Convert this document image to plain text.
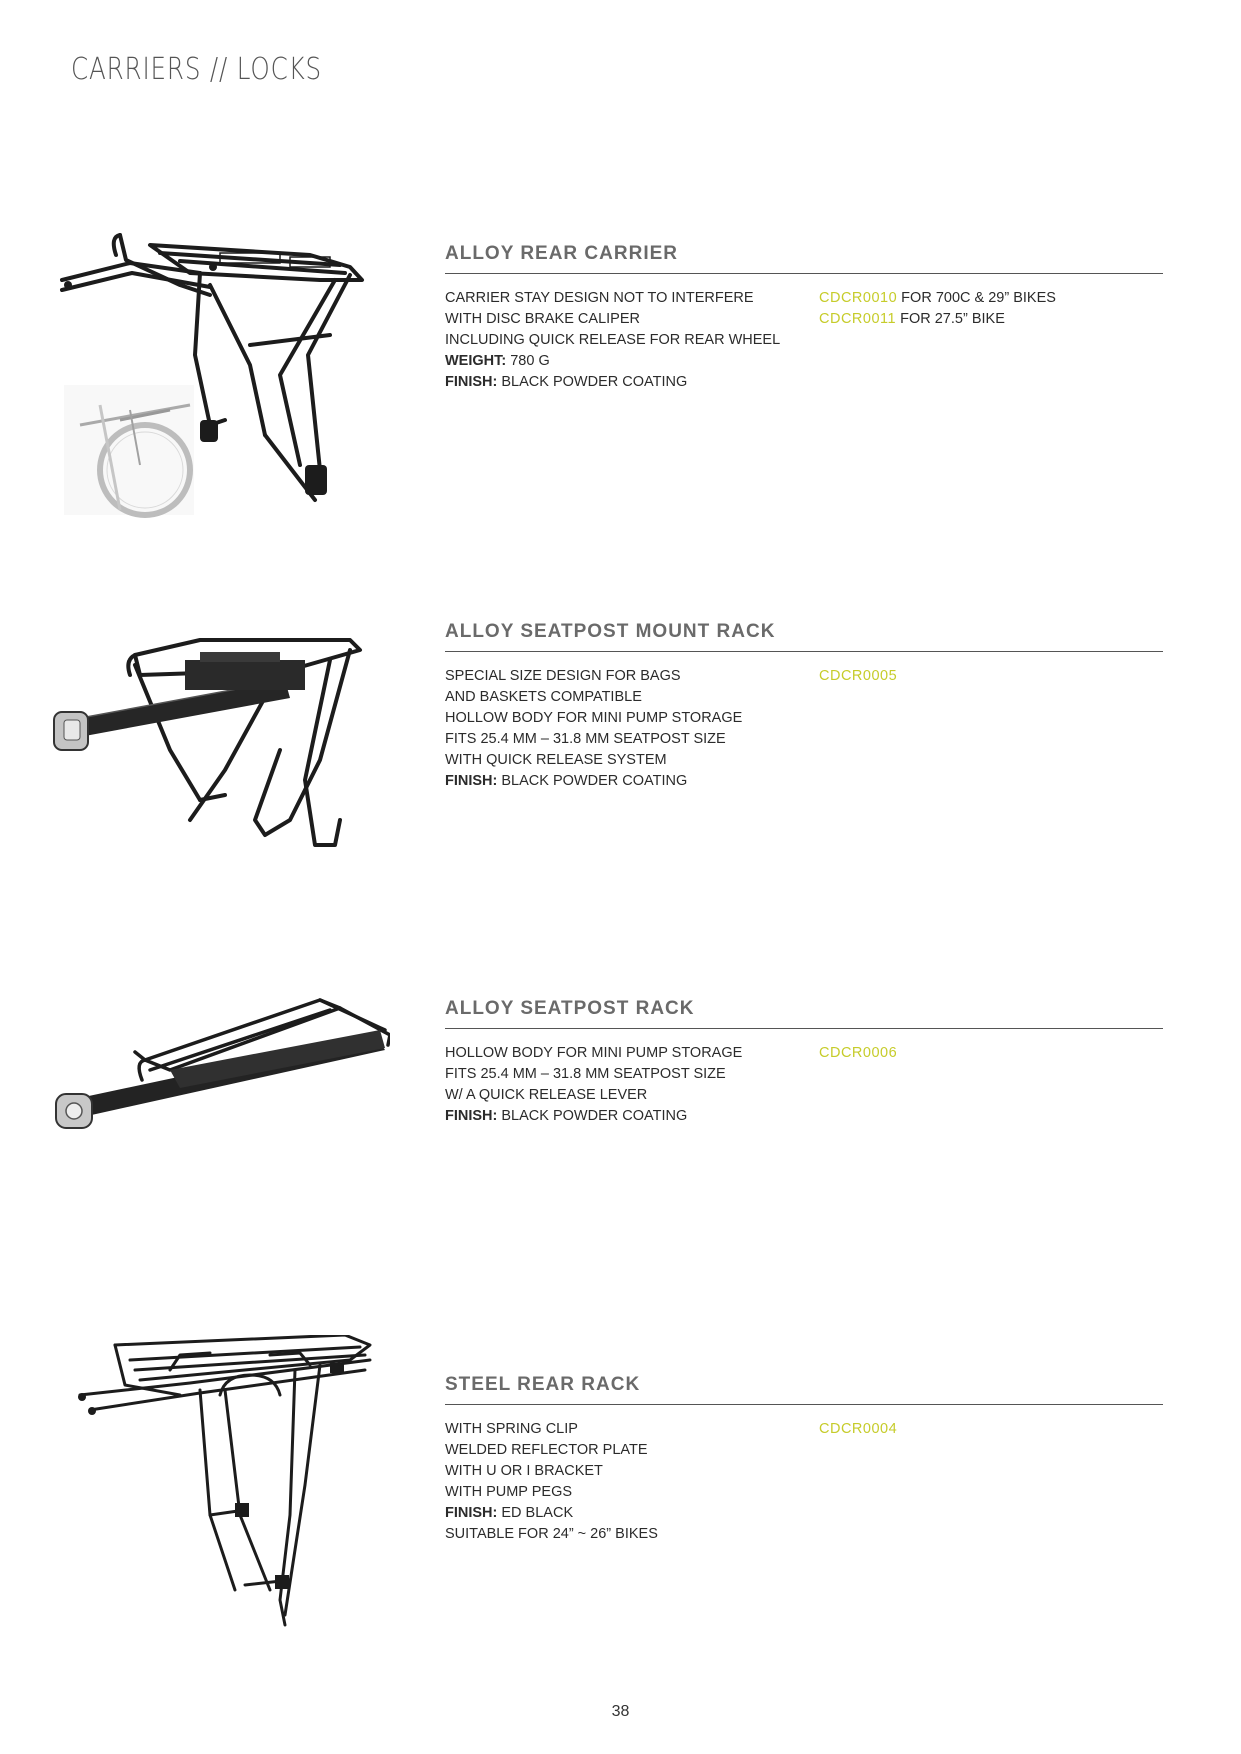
CARRIERS // LOCKS
ALLOY REAR CARRIER
CARRIER STAY DESIGN NOT TO INTERFERE
WITH DISC BRAKE CALIPER
INCLUDING QUICK RELEASE FOR REAR WHEEL
WEIGHT: 780 G
FINISH: BLACK POWDER COATING
CDCR0010 FOR 700C & 29” BIKES
CDCR0011 FOR 27.5” BIKE
ALLOY SEATPOST MOUNT RACK
SPECIAL SIZE DESIGN FOR BAGS
AND BASKETS COMPATIBLE
HOLLOW BODY FOR MINI PUMP STORAGE
FITS 25.4 MM – 31.8 MM SEATPOST SIZE
WITH QUICK RELEASE SYSTEM
FINISH: BLACK POWDER COATING
CDCR0005
ALLOY SEATPOST RACK
HOLLOW BODY FOR MINI PUMP STORAGE
FITS 25.4 MM – 31.8 MM SEATPOST SIZE
W/ A QUICK RELEASE LEVER
FINISH: BLACK POWDER COATING
CDCR0006
STEEL REAR RACK
WITH SPRING CLIP
WELDED REFLECTOR PLATE
WITH U OR I BRACKET
WITH PUMP PEGS
FINISH: ED BLACK
SUITABLE FOR 24” ~ 26” BIKES
CDCR0004
38
